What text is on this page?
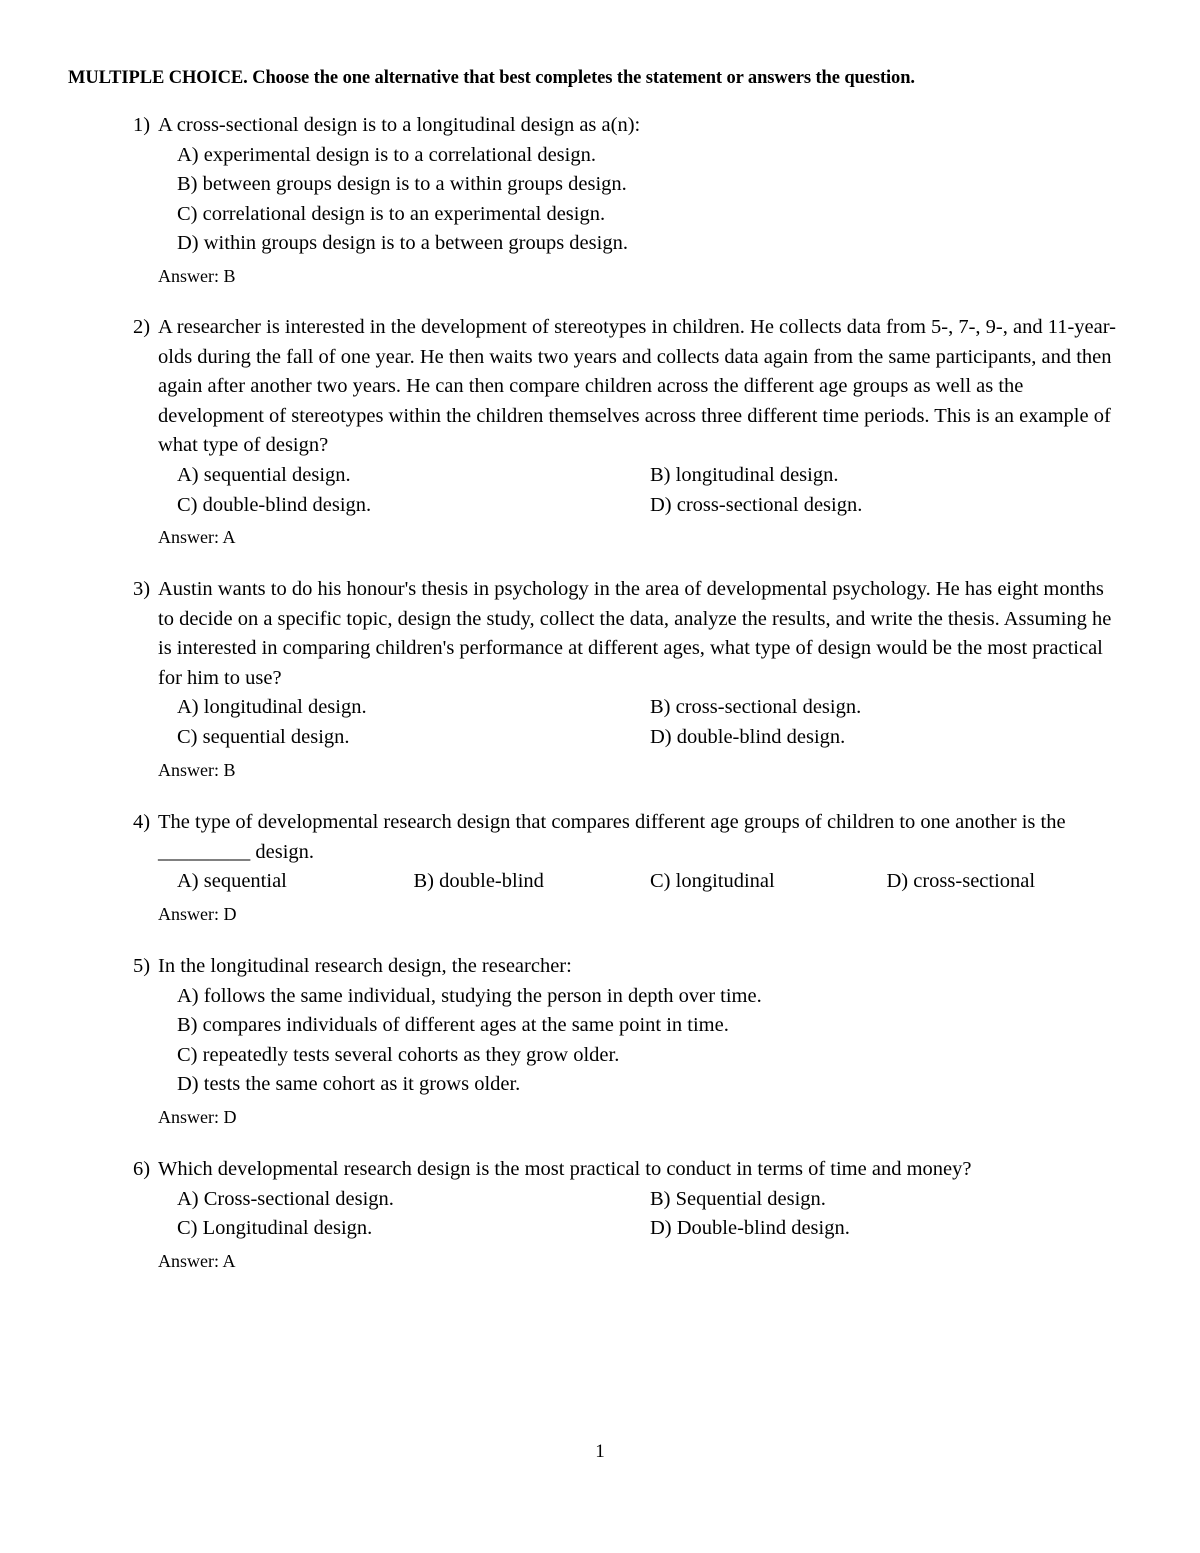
MULTIPLE CHOICE. Choose the one alternative that best completes the statement or answers the question.
1) A cross-sectional design is to a longitudinal design as a(n):
A) experimental design is to a correlational design.
B) between groups design is to a within groups design.
C) correlational design is to an experimental design.
D) within groups design is to a between groups design.
Answer: B
2) A researcher is interested in the development of stereotypes in children. He collects data from 5-, 7-, 9-, and 11-year-olds during the fall of one year. He then waits two years and collects data again from the same participants, and then again after another two years. He can then compare children across the different age groups as well as the development of stereotypes within the children themselves across three different time periods. This is an example of what type of design?
A) sequential design.	B) longitudinal design.
C) double-blind design.	D) cross-sectional design.
Answer: A
3) Austin wants to do his honour's thesis in psychology in the area of developmental psychology. He has eight months to decide on a specific topic, design the study, collect the data, analyze the results, and write the thesis. Assuming he is interested in comparing children's performance at different ages, what type of design would be the most practical for him to use?
A) longitudinal design.	B) cross-sectional design.
C) sequential design.	D) double-blind design.
Answer: B
4) The type of developmental research design that compares different age groups of children to one another is the _________ design.
A) sequential	B) double-blind	C) longitudinal	D) cross-sectional
Answer: D
5) In the longitudinal research design, the researcher:
A) follows the same individual, studying the person in depth over time.
B) compares individuals of different ages at the same point in time.
C) repeatedly tests several cohorts as they grow older.
D) tests the same cohort as it grows older.
Answer: D
6) Which developmental research design is the most practical to conduct in terms of time and money?
A) Cross-sectional design.	B) Sequential design.
C) Longitudinal design.	D) Double-blind design.
Answer: A
1
